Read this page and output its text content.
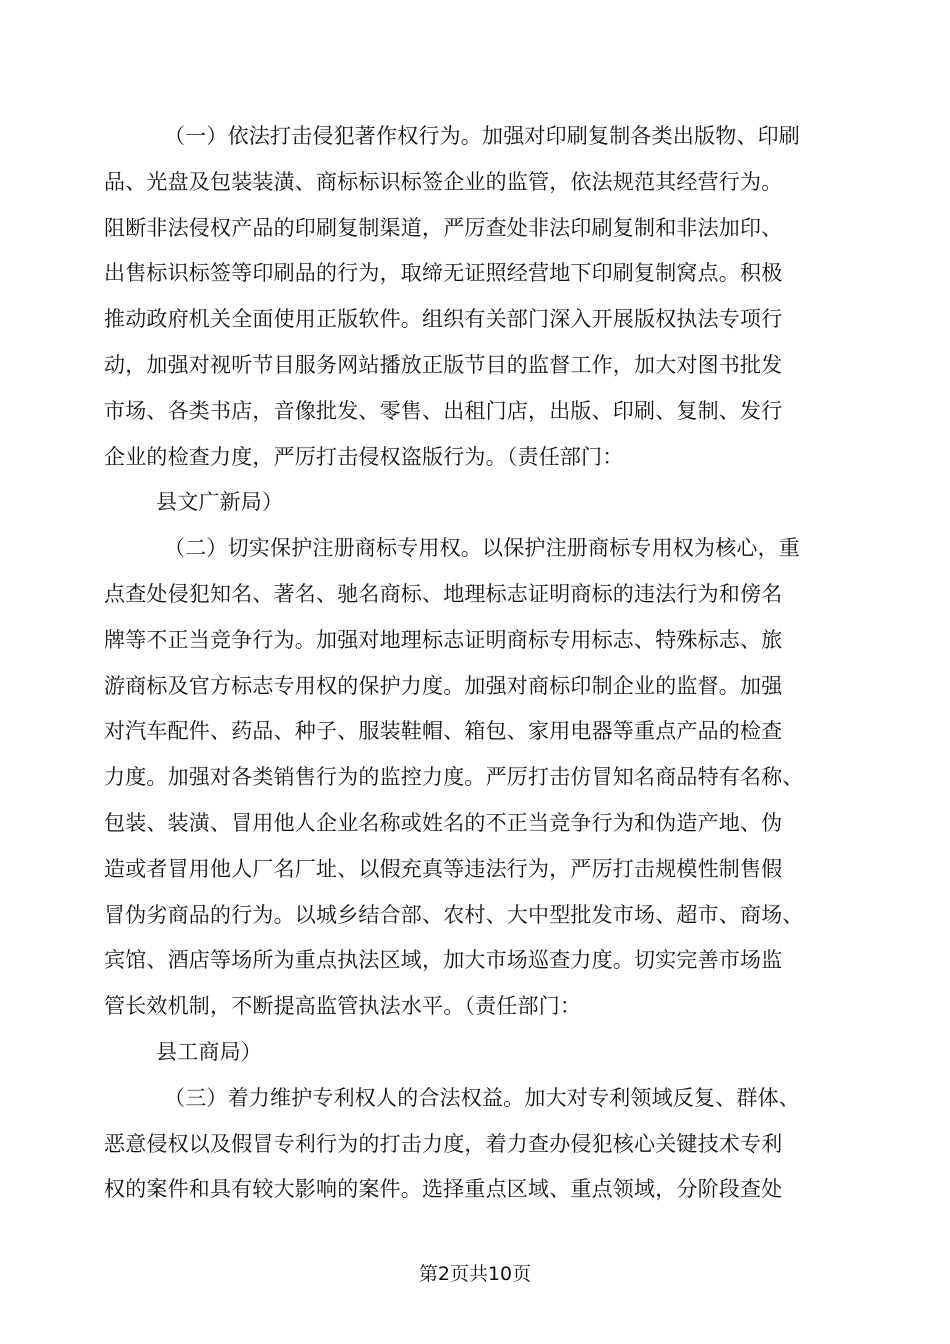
（一）依法打击侵犯著作权行为。加强对印刷复制各类出版物、印刷
品、光盘及包装装潢、商标标识标签企业的监管，依法规范其经营行为。
阻断非法侵权产品的印刷复制渠道，严厉查处非法印刷复制和非法加印、
出售标识标签等印刷品的行为，取缔无证照经营地下印刷复制窝点。积极
推动政府机关全面使用正版软件。组织有关部门深入开展版权执法专项行
动，加强对视听节目服务网站播放正版节目的监督工作，加大对图书批发
市场、各类书店，音像批发、零售、出租门店，出版、印刷、复制、发行
企业的检查力度，严厉打击侵权盗版行为。（责任部门：
县文广新局）
（二）切实保护注册商标专用权。以保护注册商标专用权为核心，重
点查处侵犯知名、著名、驰名商标、地理标志证明商标的违法行为和傍名
牌等不正当竞争行为。加强对地理标志证明商标专用标志、特殊标志、旅
游商标及官方标志专用权的保护力度。加强对商标印制企业的监督。加强
对汽车配件、药品、种子、服装鞋帽、箱包、家用电器等重点产品的检查
力度。加强对各类销售行为的监控力度。严厉打击仿冒知名商品特有名称、
包装、装潢、冒用他人企业名称或姓名的不正当竞争行为和伪造产地、伪
造或者冒用他人厂名厂址、以假充真等违法行为，严厉打击规模性制售假
冒伪劣商品的行为。以城乡结合部、农村、大中型批发市场、超市、商场、
宾馆、酒店等场所为重点执法区域，加大市场巡查力度。切实完善市场监
管长效机制，不断提高监管执法水平。（责任部门：
县工商局）
（三）着力维护专利权人的合法权益。加大对专利领域反复、群体、
恶意侵权以及假冒专利行为的打击力度，着力查办侵犯核心关键技术专利
权的案件和具有较大影响的案件。选择重点区域、重点领域，分阶段查处
第2页共10页
